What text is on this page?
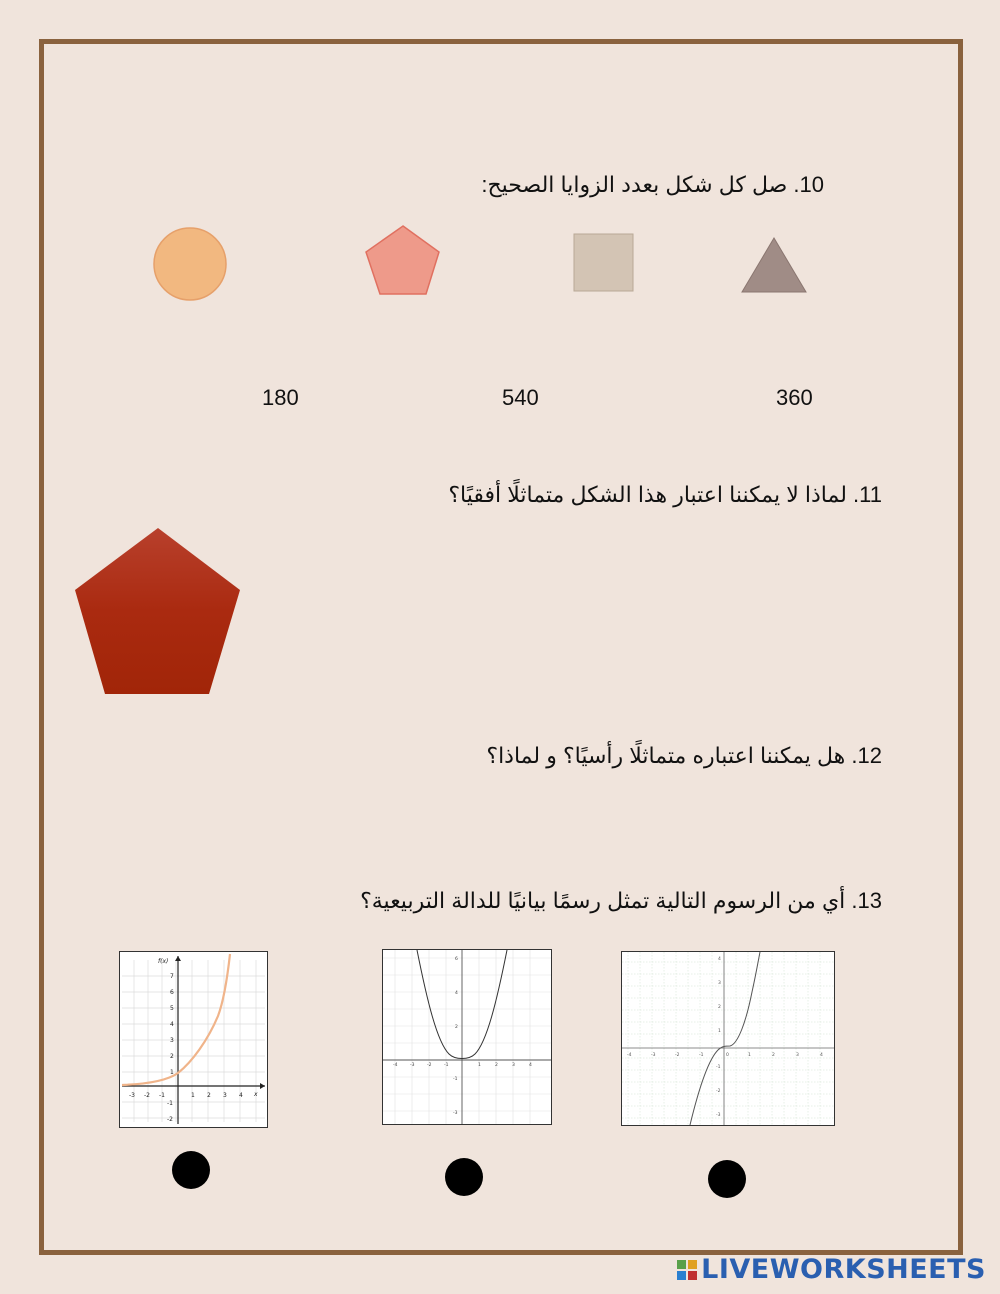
10. صل كل شكل بعدد الزوايا الصحيح:
180	540	360
11. لماذا لا يمكننا اعتبار هذا الشكل متماثلًا أفقيًا؟
12. هل يمكننا اعتباره متماثلًا رأسيًا؟ و لماذا؟
13. أي من الرسوم التالية تمثل رسمًا بيانيًا للدالة التربيعية؟
f(x)
x
-3 -2 -1	1 2 3 4
7
6
5
4
3
2
1
-1
-2
-4	-3	-2	-1	1	2	3	4
2
4
6
-1
-3
-4	-3	-2	-1	0	1	2	3	4
4
3
2
1
-1
-2
-3
LIVEWORKSHEETS
